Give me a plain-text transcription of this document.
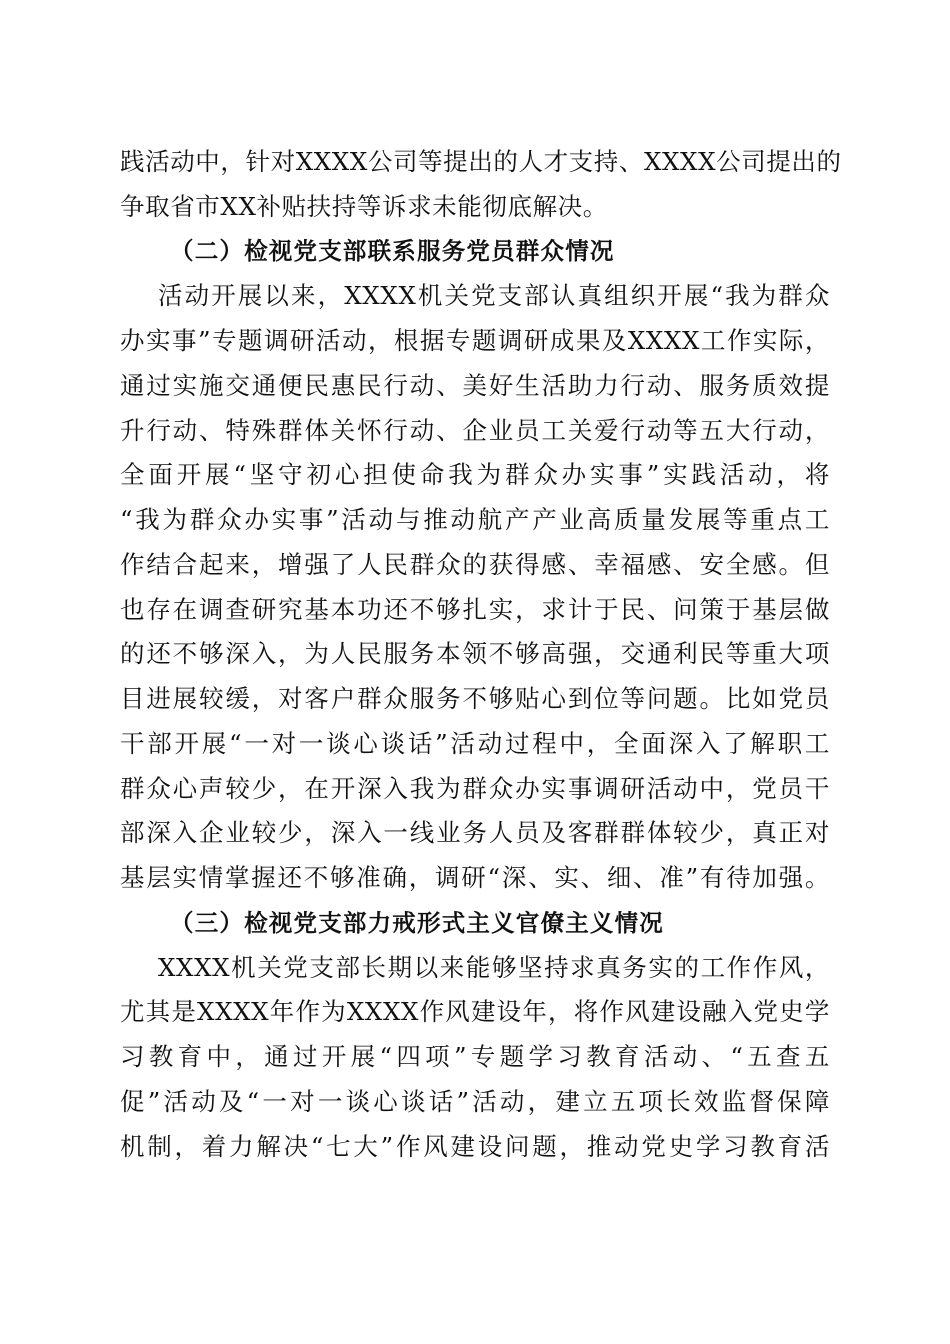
践活动中，针对XXXX公司等提出的人才支持、XXXX公司提出的
争取省市XX补贴扶持等诉求未能彻底解决。
（二）检视党支部联系服务党员群众情况
活动开展以来，XXXX机关党支部认真组织开展“我为群众
办实事”专题调研活动，根据专题调研成果及XXXX工作实际，
通过实施交通便民惠民行动、美好生活助力行动、服务质效提
升行动、特殊群体关怀行动、企业员工关爱行动等五大行动，
全面开展“坚守初心担使命我为群众办实事”实践活动，将
“我为群众办实事”活动与推动航产产业高质量发展等重点工
作结合起来，增强了人民群众的获得感、幸福感、安全感。但
也存在调查研究基本功还不够扎实，求计于民、问策于基层做
的还不够深入，为人民服务本领不够高强，交通利民等重大项
目进展较缓，对客户群众服务不够贴心到位等问题。比如党员
干部开展“一对一谈心谈话”活动过程中，全面深入了解职工
群众心声较少，在开深入我为群众办实事调研活动中，党员干
部深入企业较少，深入一线业务人员及客群群体较少，真正对
基层实情掌握还不够准确，调研“深、实、细、准”有待加强。
（三）检视党支部力戒形式主义官僚主义情况
XXXX机关党支部长期以来能够坚持求真务实的工作作风，
尤其是XXXX年作为XXXX作风建设年，将作风建设融入党史学
习教育中，通过开展“四项”专题学习教育活动、“五查五
促”活动及“一对一谈心谈话”活动，建立五项长效监督保障
机制，着力解决“七大”作风建设问题，推动党史学习教育活
